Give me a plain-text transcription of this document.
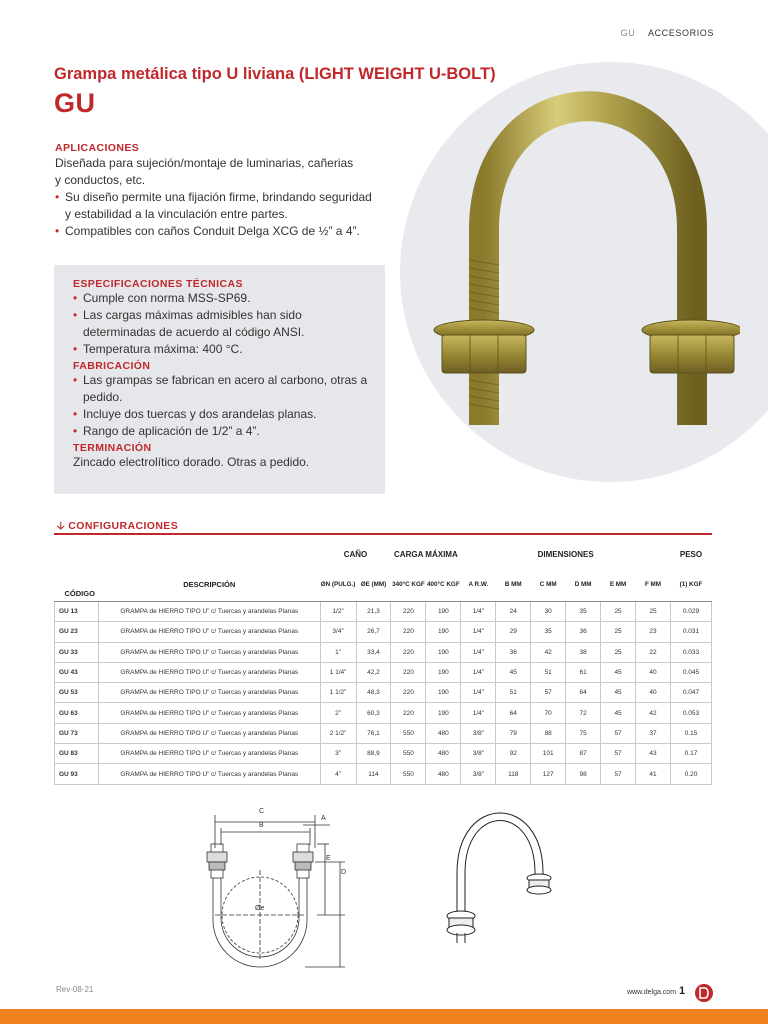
GU ACCESORIOS
Grampa metálica tipo U liviana (LIGHT WEIGHT U-BOLT)
GU
APLICACIONES
Diseñada para sujeción/montaje de luminarias, cañerias
y conductos, etc.
• Su diseño permite una fijación firme, brindando seguridad
y estabilidad a la vinculación entre partes.
• Compatibles con caños Conduit Delga XCG de ½” a 4”.
ESPECIFICACIONES TÉCNICAS
• Cumple con norma MSS-SP69.
• Las cargas máximas admisibles han sido determinadas de acuerdo al código ANSI.
• Temperatura máxima: 400 °C.
FABRICACIÓN
• Las grampas se fabrican en acero al carbono, otras a pedido.
• Incluye dos tuercas y dos arandelas planas.
• Rango de aplicación de 1/2” a 4”.
TERMINACIÓN
Zincado electrolítico dorado. Otras a pedido.
🡣 CONFIGURACIONES
		CAÑO		CARGA MÁXIMA		DIMENSIONES						PESO
CÓDIGO	DESCRIPCIÓN	ØN (PULG.)	ØE (MM)	340°C KGF	400°C KGF	A R.W.	B MM	C MM	D MM	E MM	F MM	(1) KGF
GU 13	GRAMPA de HIERRO TIPO U” c/ Tuercas y arandelas Planas	1/2”	21,3	220	190	1/4”	24	30	35	25	25	0.029
GU 23	GRAMPA de HIERRO TIPO U” c/ Tuercas y arandelas Planas	3/4”	26,7	220	190	1/4”	29	35	36	25	23	0.031
GU 33	GRAMPA de HIERRO TIPO U” c/ Tuercas y arandelas Planas	1”	33,4	220	190	1/4”	36	42	38	25	22	0.033
GU 43	GRAMPA de HIERRO TIPO U” c/ Tuercas y arandelas Planas	1 1/4”	42,2	220	190	1/4”	45	51	61	45	40	0.045
GU 53	GRAMPA de HIERRO TIPO U” c/ Tuercas y arandelas Planas	1 1/2”	48,3	220	190	1/4”	51	57	64	45	40	0.047
GU 63	GRAMPA de HIERRO TIPO U” c/ Tuercas y arandelas Planas	2”	60,3	220	190	1/4”	64	70	72	45	42	0.053
GU 73	GRAMPA de HIERRO TIPO U” c/ Tuercas y arandelas Planas	2 1/2”	76,1	550	480	3/8”	79	88	75	57	37	0.15
GU 83	GRAMPA de HIERRO TIPO U” c/ Tuercas y arandelas Planas	3”	88,9	550	480	3/8”	92	101	87	57	43	0.17
GU 93	GRAMPA de HIERRO TIPO U” c/ Tuercas y arandelas Planas	4”	114	550	480	3/8”	118	127	98	57	41	0.20
C
B
A
E
D
Øe
Rev-08-21	www.delga.com 1
